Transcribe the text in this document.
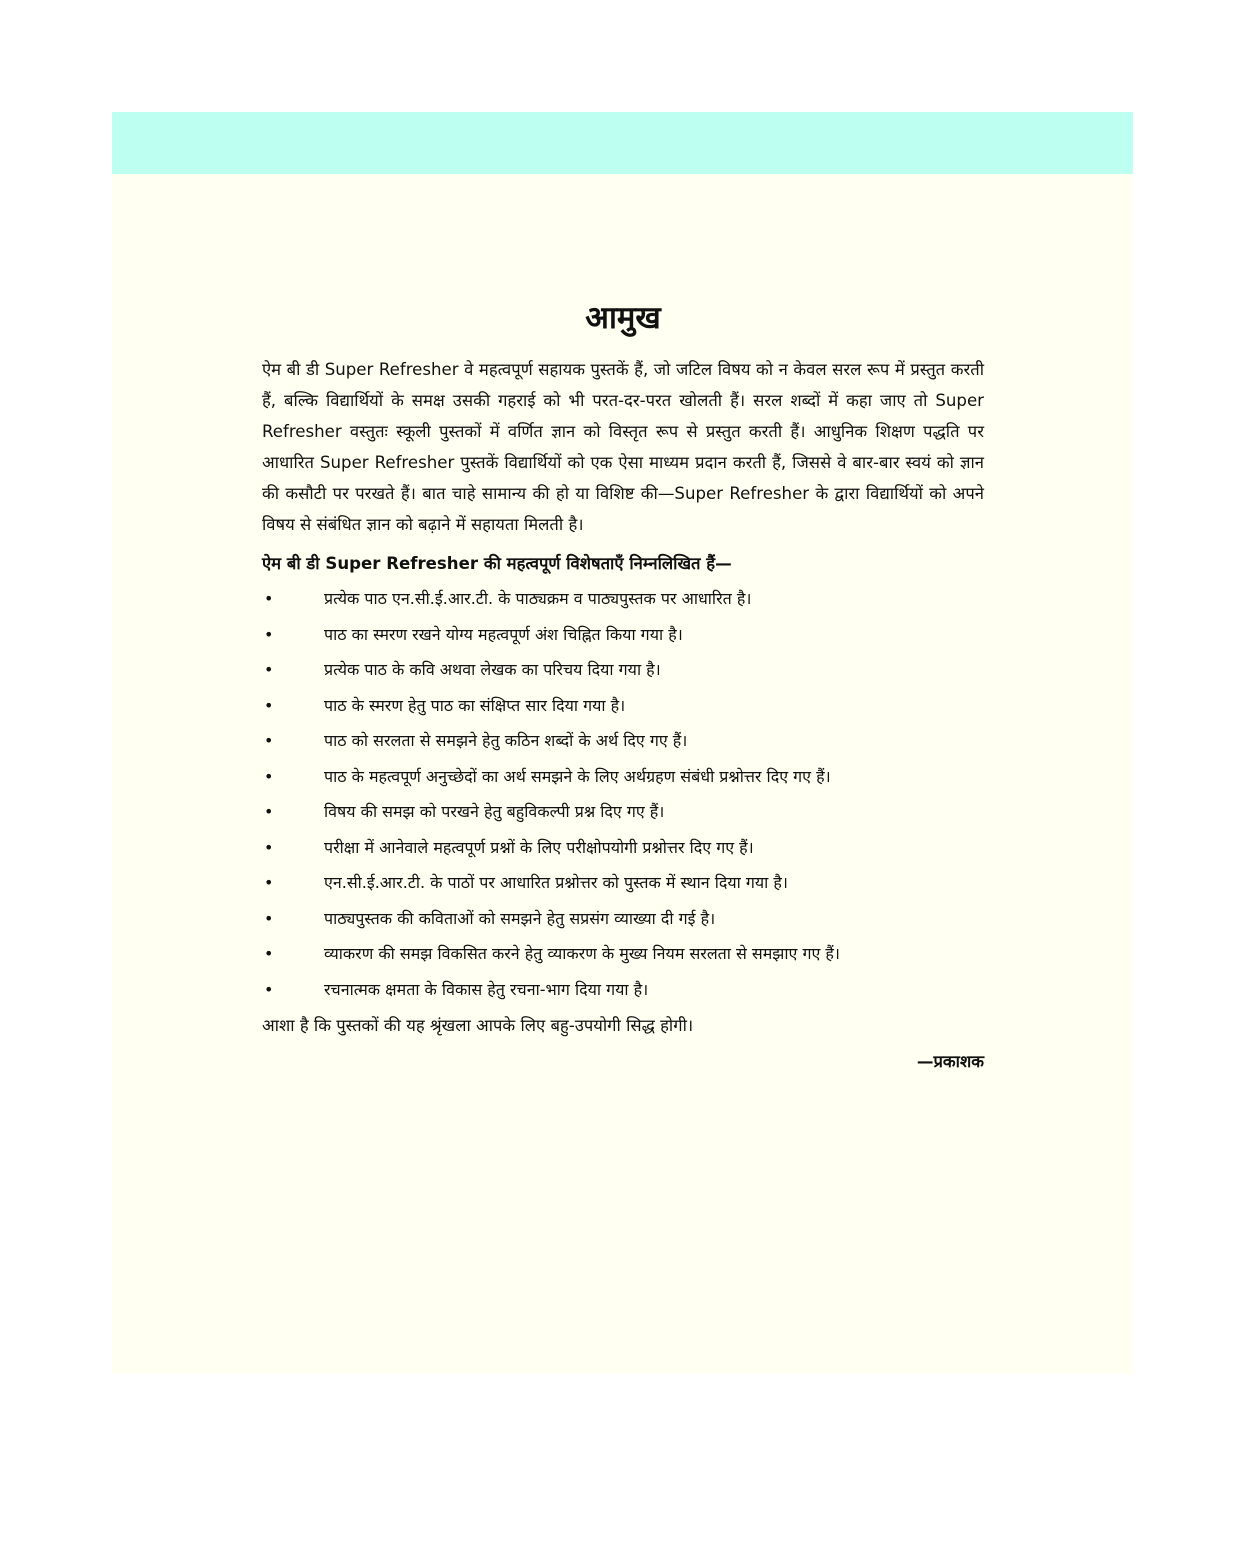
आमुख

ऐम बी डी Super Refresher वे महत्वपूर्ण सहायक पुस्तकें हैं, जो जटिल विषय को न केवल सरल रूप में प्रस्तुत करती हैं, बल्कि विद्यार्थियों के समक्ष उसकी गहराई को भी परत-दर-परत खोलती हैं। सरल शब्दों में कहा जाए तो Super Refresher वस्तुतः स्कूली पुस्तकों में वर्णित ज्ञान को विस्तृत रूप से प्रस्तुत करती हैं। आधुनिक शिक्षण पद्धति पर आधारित Super Refresher पुस्तकें विद्यार्थियों को एक ऐसा माध्यम प्रदान करती हैं, जिससे वे बार-बार स्वयं को ज्ञान की कसौटी पर परखते हैं। बात चाहे सामान्य की हो या विशिष्ट की—Super Refresher के द्वारा विद्यार्थियों को अपने विषय से संबंधित ज्ञान को बढ़ाने में सहायता मिलती है।

ऐम बी डी Super Refresher की महत्वपूर्ण विशेषताएँ निम्नलिखित हैं—
•	प्रत्येक पाठ एन.सी.ई.आर.टी. के पाठ्यक्रम व पाठ्यपुस्तक पर आधारित है।
•	पाठ का स्मरण रखने योग्य महत्वपूर्ण अंश चिह्नित किया गया है।
•	प्रत्येक पाठ के कवि अथवा लेखक का परिचय दिया गया है।
•	पाठ के स्मरण हेतु पाठ का संक्षिप्त सार दिया गया है।
•	पाठ को सरलता से समझने हेतु कठिन शब्दों के अर्थ दिए गए हैं।
•	पाठ के महत्वपूर्ण अनुच्छेदों का अर्थ समझने के लिए अर्थग्रहण संबंधी प्रश्नोत्तर दिए गए हैं।
•	विषय की समझ को परखने हेतु बहुविकल्पी प्रश्न दिए गए हैं।
•	परीक्षा में आनेवाले महत्वपूर्ण प्रश्नों के लिए परीक्षोपयोगी प्रश्नोत्तर दिए गए हैं।
•	एन.सी.ई.आर.टी. के पाठों पर आधारित प्रश्नोत्तर को पुस्तक में स्थान दिया गया है।
•	पाठ्यपुस्तक की कविताओं को समझने हेतु सप्रसंग व्याख्या दी गई है।
•	व्याकरण की समझ विकसित करने हेतु व्याकरण के मुख्य नियम सरलता से समझाए गए हैं।
•	रचनात्मक क्षमता के विकास हेतु रचना-भाग दिया गया है।

आशा है कि पुस्तकों की यह श्रृंखला आपके लिए बहु-उपयोगी सिद्ध होगी।

—प्रकाशक
